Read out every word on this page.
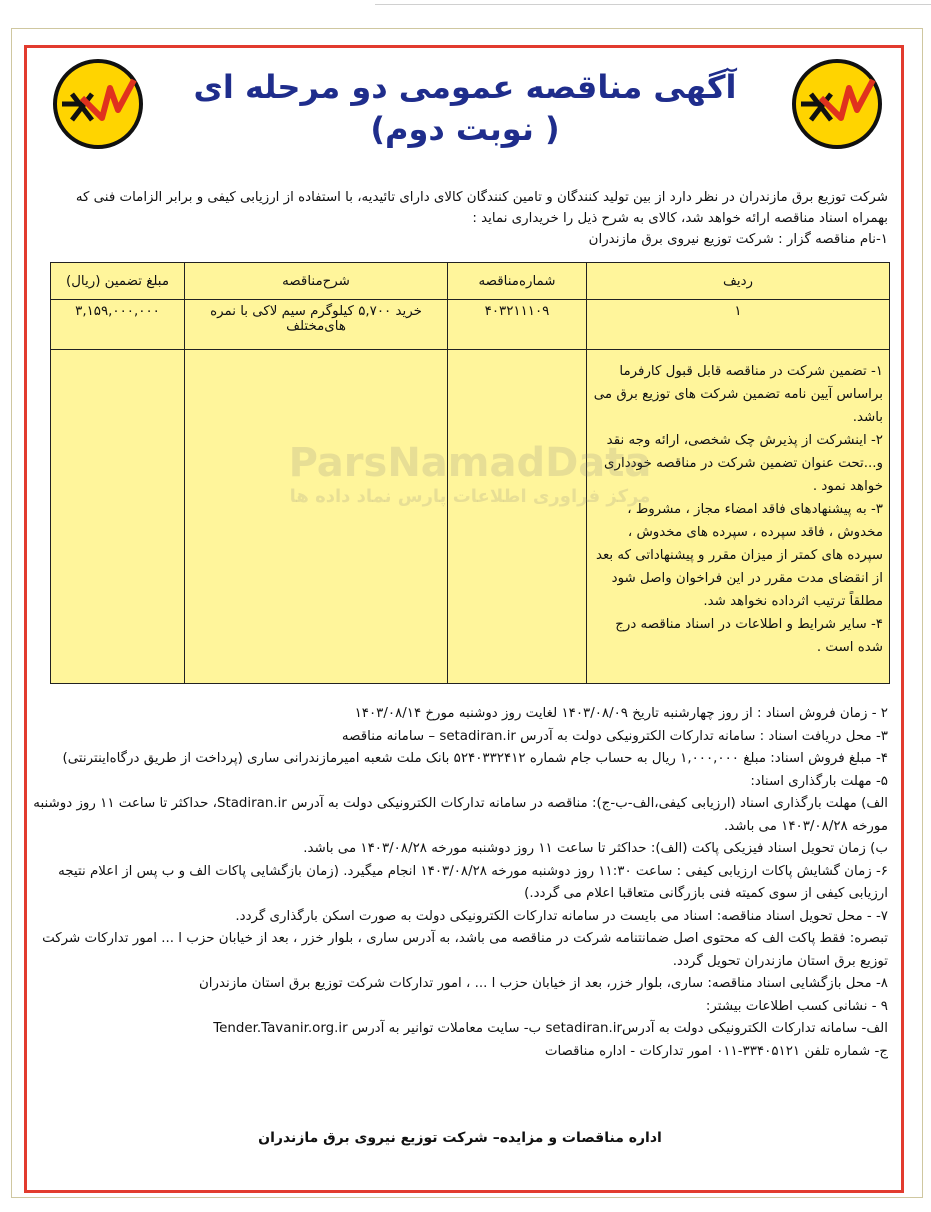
آگهی مناقصه عمومی دو مرحله ای
( نوبت دوم)
شرکت توزیع برق مازندران در نظر دارد از بین تولید کنندگان و تامین کنندگان کالای دارای تائیدیه، با استفاده از ارزیابی کیفی و برابر الزامات فنی که بهمراه اسناد مناقصه ارائه خواهد شد، کالای به شرح ذیل را خریداری نماید :
۱-نام مناقصه گزار : شرکت توزیع نیروی برق مازندران
ردیف	شماره‌مناقصه	شرح‌مناقصه	مبلغ تضمین (ریال)
۱	۴۰۳۲۱۱۱۰۹	خرید ۵,۷۰۰ کیلوگرم سیم لاکی با نمره های‌مختلف	۳,۱۵۹,۰۰۰,۰۰۰

۱- تضمین شرکت در مناقصه قابل قبول کارفرما براساس آیین نامه تضمین شرکت های توزیع برق می باشد.
۲- اینشرکت از پذیرش چک شخصی، ارائه وجه نقد و...تحت عنوان تضمین شرکت در مناقصه خودداری خواهد نمود .
۳- به پیشنهادهای فاقد امضاء مجاز ، مشروط ، مخدوش ، فاقد سپرده ، سپرده های مخدوش ، سپرده های کمتر از میزان مقرر و پیشنهاداتی که بعد از انقضای مدت مقرر در این فراخوان واصل شود مطلقاً ترتیب اثرداده نخواهد شد.
۴- سایر شرایط و اطلاعات در اسناد مناقصه درج شده است .			

۲ - زمان فروش اسناد : از روز چهارشنبه تاریخ ۱۴۰۳/۰۸/۰۹ لغایت روز دوشنبه مورخ ۱۴۰۳/۰۸/۱۴
۳- محل دریافت اسناد : سامانه تدارکات الکترونیکی دولت به آدرس setadiran.ir – سامانه مناقصه
۴- مبلغ فروش اسناد: مبلغ ۱,۰۰۰,۰۰۰ ریال به حساب جام شماره ۵۲۴۰۳۳۲۴۱۲ بانک ملت شعبه امیرمازندرانی ساری (پرداخت از طریق درگاه‌اینترنتی)
۵- مهلت بارگذاری اسناد:
الف) مهلت بارگذاری اسناد (ارزیابی کیفی،الف-ب-ج): مناقصه در سامانه تدارکات الکترونیکی دولت به آدرس Stadiran.ir، حداکثر تا ساعت ۱۱ روز دوشنبه مورخه ۱۴۰۳/۰۸/۲۸ می باشد.
ب) زمان تحویل اسناد فیزیکی پاکت (الف): حداکثر تا ساعت ۱۱ روز دوشنبه مورخه ۱۴۰۳/۰۸/۲۸ می باشد.
۶- زمان گشایش پاکات ارزیابی کیفی : ساعت ۱۱:۳۰ روز دوشنبه مورخه ۱۴۰۳/۰۸/۲۸ انجام میگیرد. (زمان بازگشایی پاکات الف و ب پس از اعلام نتیجه ارزیابی کیفی از سوی کمیته فنی بازرگانی متعاقبا اعلام می گردد.)
۷- - محل تحویل اسناد مناقصه: اسناد می بایست در سامانه تدارکات الکترونیکی دولت به صورت اسکن بارگذاری گردد.
تبصره: فقط پاکت الف که محتوی اصل ضمانتنامه شرکت در مناقصه می باشد، به آدرس ساری ، بلوار خزر ، بعد از خیابان حزب ا ... امور تدارکات شرکت توزیع برق استان مازندران تحویل گردد.
۸- محل بازگشایی اسناد مناقصه: ساری، بلوار خزر، بعد از خیابان حزب ا ... ، امور تدارکات شرکت توزیع برق استان مازندران
۹ - نشانی کسب اطلاعات بیشتر:
الف- سامانه تدارکات الکترونیکی دولت به آدرسsetadiran.ir ب- سایت معاملات توانیر به آدرس Tender.Tavanir.org.ir
ج- شماره تلفن ۳۳۴۰۵۱۲۱-۰۱۱ امور تدارکات - اداره مناقصات
اداره مناقصات و مزایده– شرکت توزیع نیروی برق مازندران
